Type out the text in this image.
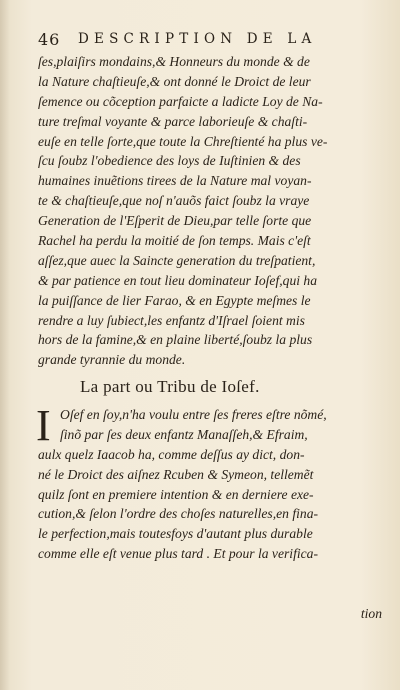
46 DESCRIPTION DE LA
ſes,plaiſirs mondains,& Honneurs du monde & de
la Nature chaſtieuſe,& ont donné le Droict de leur
ſemence ou cõception parfaicte a ladicte Loy de Na-
ture treſmal voyante & parce laborieuſe & chaſti-
euſe en telle ſorte,que toute la Chreſtienté ha plus ve-
ſcu ſoubz l'obedience des loys de Iuſtinien & des
humaines inuẽtions tirees de la Nature mal voyan-
te & chaſtieuſe,que noſ n'auõs faict ſoubz la vraye
Generation de l'Eſperit de Dieu,par telle ſorte que
Rachel ha perdu la moitié de ſon temps. Mais c'eſt
aſſez,que auec la Saincte generation du treſpatient,
& par patience en tout lieu dominateur Ioſef,qui ha
la puiſſance de lier Farao, & en Egypte meſmes le
rendre a luy ſubiect,les enfantz d'Iſrael ſoient mis
hors de la famine,& en plaine liberté,ſoubz la plus
grande tyrannie du monde.
La part ou Tribu de Ioſef.
I Oſef en ſoy,n'ha voulu entre ſes freres eſtre nõmé,
ſinõ par ſes deux enfantz Manaſſeh,& Efraim,
aulx quelz Iaacob ha, comme deſſus ay dict, don-
né le Droict des aiſnez Rcuben & Symeon, tellemẽt
quilz ſont en premiere intention & en derniere exe-
cution,& ſelon l'ordre des choſes naturelles,en fina-
le perfection,mais toutesfoys d'autant plus durable
comme elle eſt venue plus tard . Et pour la verifica-
tion
